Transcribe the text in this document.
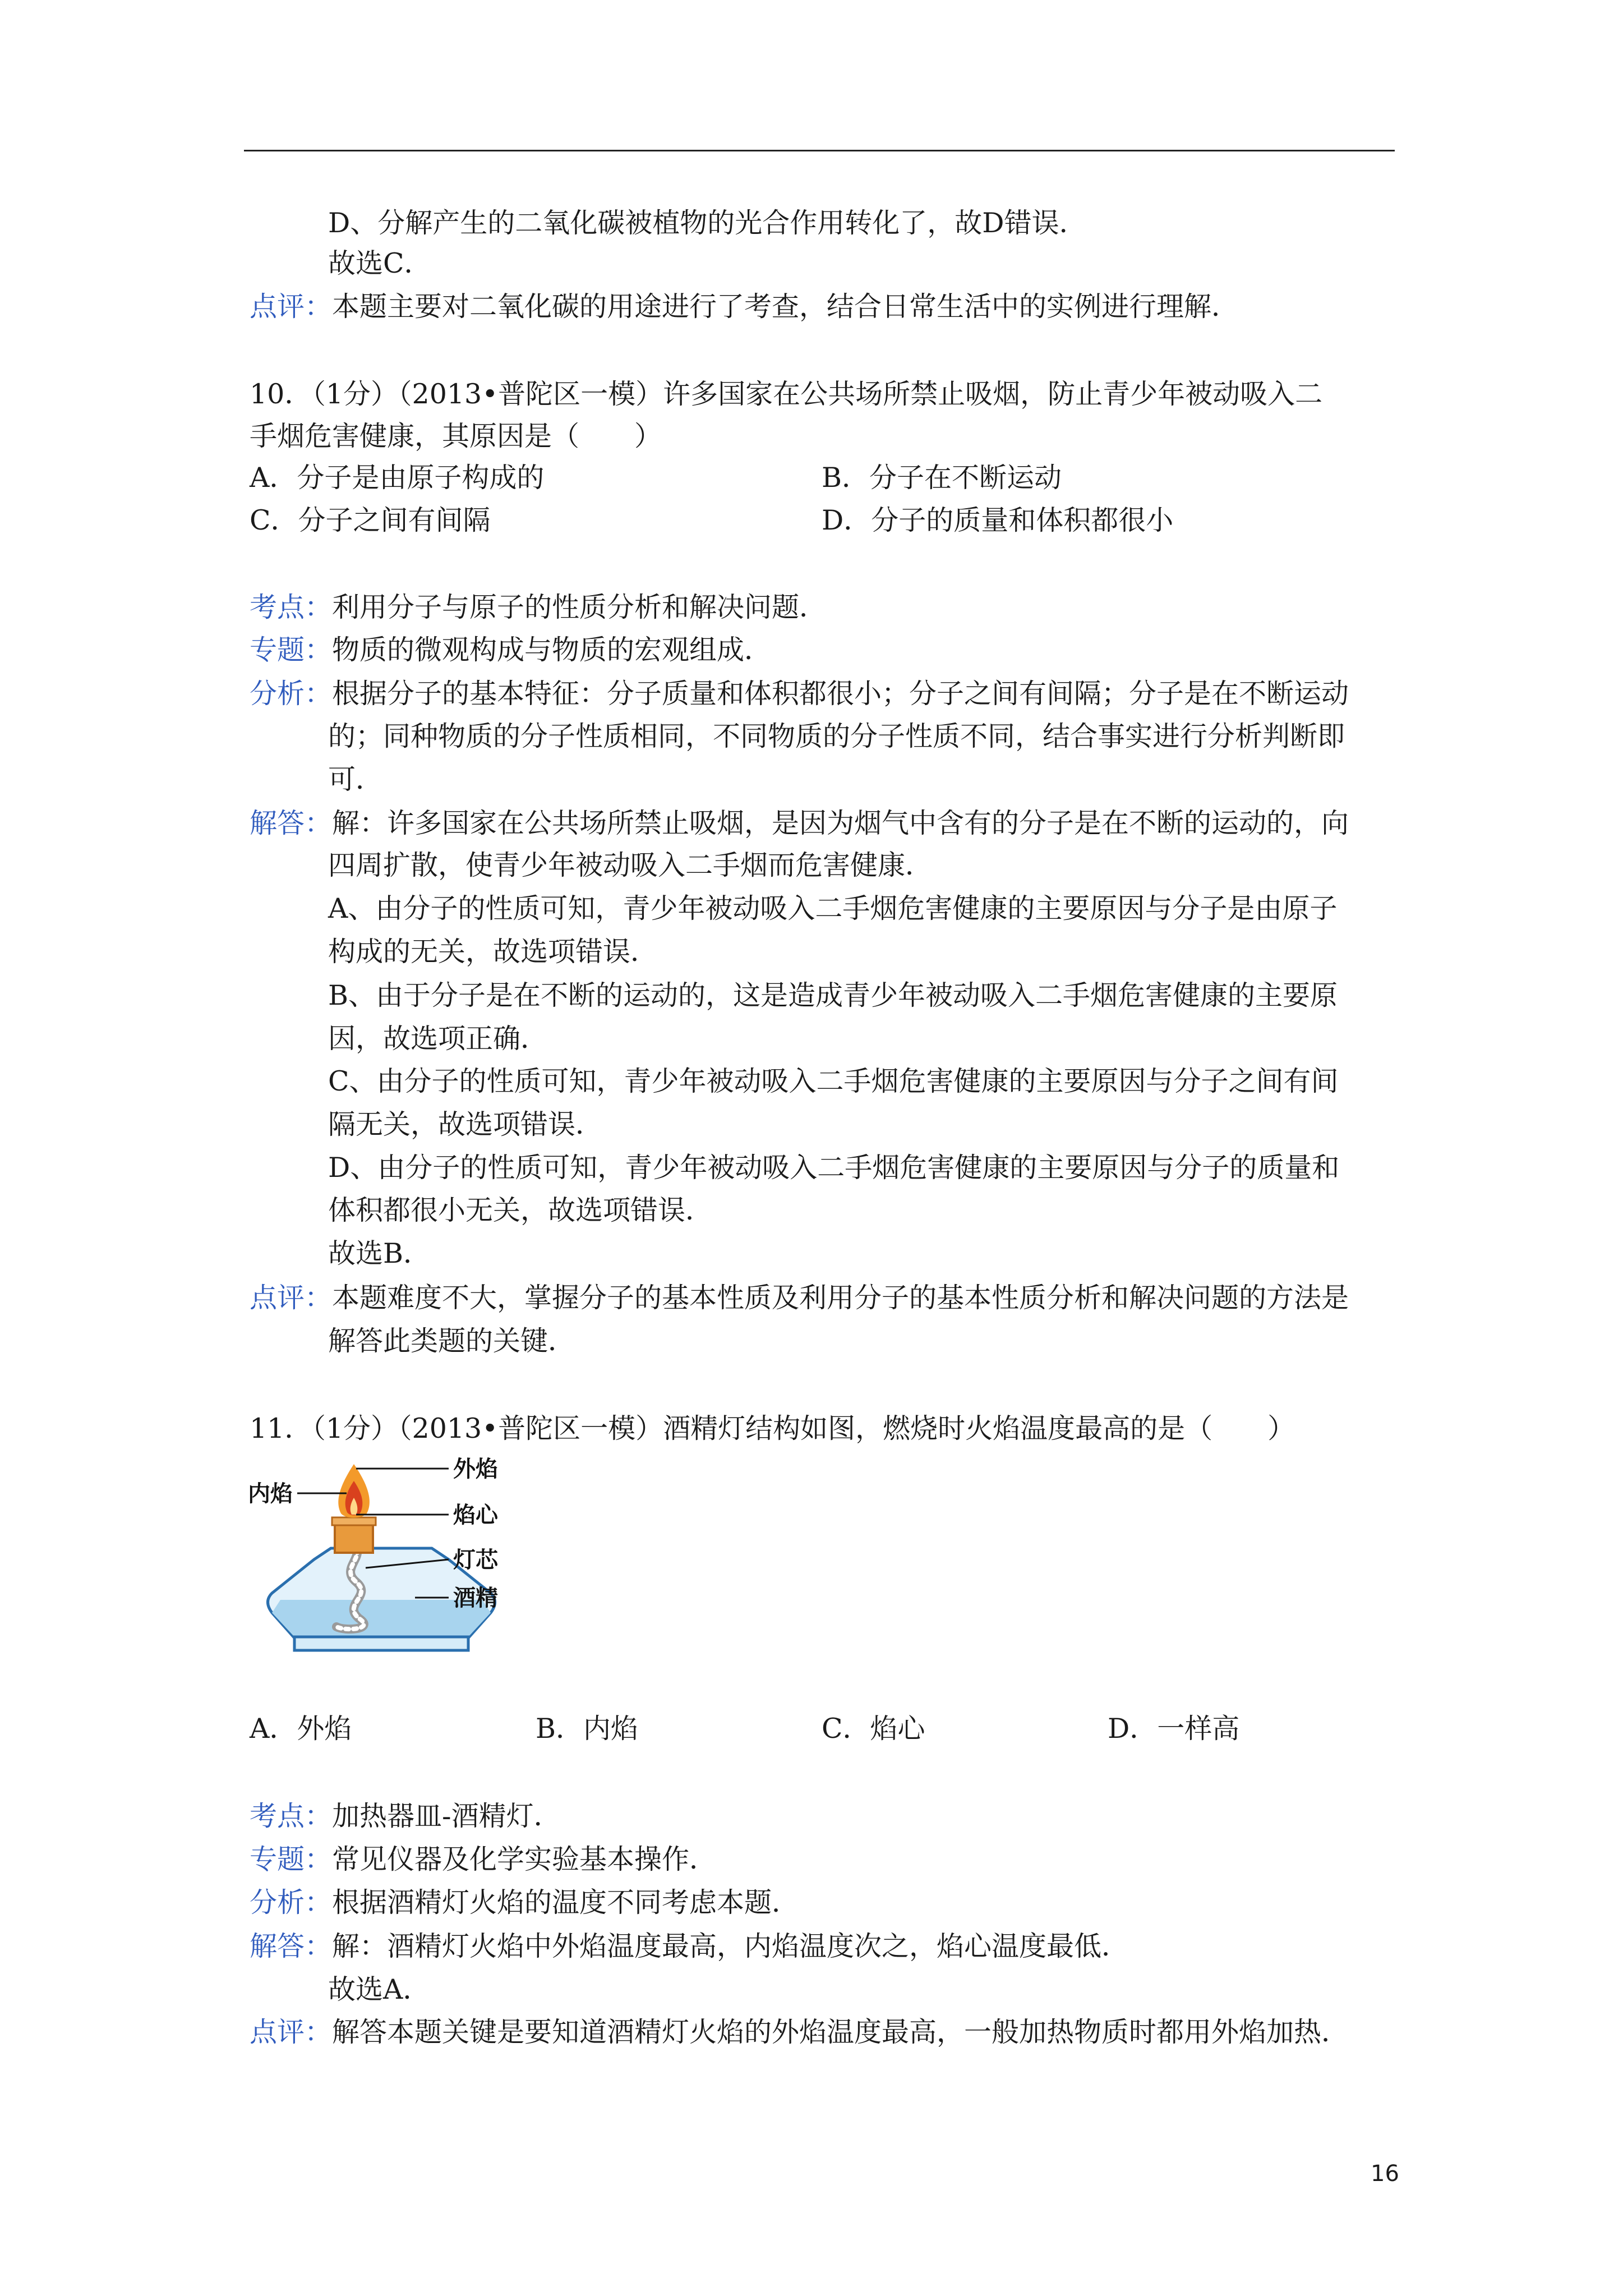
D、分解产生的二氧化碳被植物的光合作用转化了，故D错误．
故选C．
点评：本题主要对二氧化碳的用途进行了考查，结合日常生活中的实例进行理解．
10．（1分）（2013•普陀区一模）许多国家在公共场所禁止吸烟，防止青少年被动吸入二
手烟危害健康，其原因是（　　）
A．分子是由原子构成的	B．分子在不断运动
C．分子之间有间隔	D．分子的质量和体积都很小
考点：利用分子与原子的性质分析和解决问题．
专题：物质的微观构成与物质的宏观组成．
分析：根据分子的基本特征：分子质量和体积都很小；分子之间有间隔；分子是在不断运动
的；同种物质的分子性质相同，不同物质的分子性质不同，结合事实进行分析判断即
可．
解答：解：许多国家在公共场所禁止吸烟，是因为烟气中含有的分子是在不断的运动的，向
四周扩散，使青少年被动吸入二手烟而危害健康．
A、由分子的性质可知，青少年被动吸入二手烟危害健康的主要原因与分子是由原子
构成的无关，故选项错误．
B、由于分子是在不断的运动的，这是造成青少年被动吸入二手烟危害健康的主要原
因，故选项正确．
C、由分子的性质可知，青少年被动吸入二手烟危害健康的主要原因与分子之间有间
隔无关，故选项错误．
D、由分子的性质可知，青少年被动吸入二手烟危害健康的主要原因与分子的质量和
体积都很小无关，故选项错误．
故选B．
点评：本题难度不大，掌握分子的基本性质及利用分子的基本性质分析和解决问题的方法是
解答此类题的关键．
11．（1分）（2013•普陀区一模）酒精灯结构如图，燃烧时火焰温度最高的是（　　）
外焰
内焰
焰心
灯芯
酒精
A．外焰	B．内焰	C．焰心	D．一样高
考点：加热器皿-酒精灯．
专题：常见仪器及化学实验基本操作．
分析：根据酒精灯火焰的温度不同考虑本题．
解答：解：酒精灯火焰中外焰温度最高，内焰温度次之，焰心温度最低．
故选A．
点评：解答本题关键是要知道酒精灯火焰的外焰温度最高，一般加热物质时都用外焰加热．
16
